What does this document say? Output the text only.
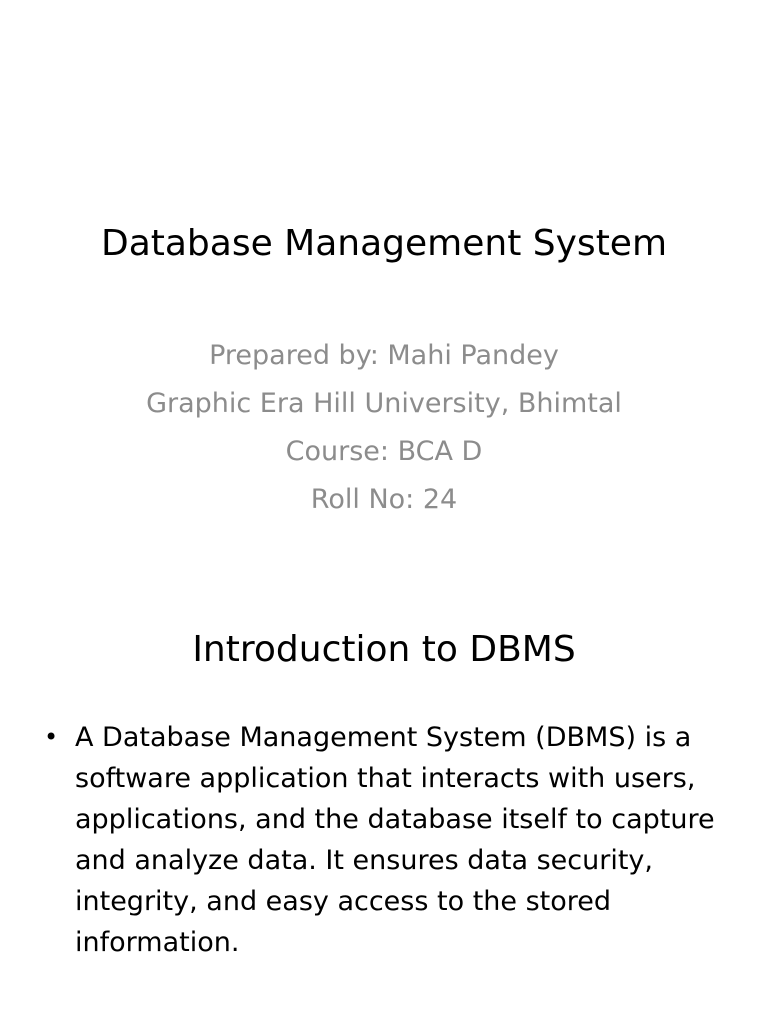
Database Management System
Prepared by: Mahi Pandey
Graphic Era Hill University, Bhimtal
Course: BCA D
Roll No: 24
Introduction to DBMS
• A Database Management System (DBMS) is a software application that interacts with users, applications, and the database itself to capture and analyze data. It ensures data security, integrity, and easy access to the stored information.
